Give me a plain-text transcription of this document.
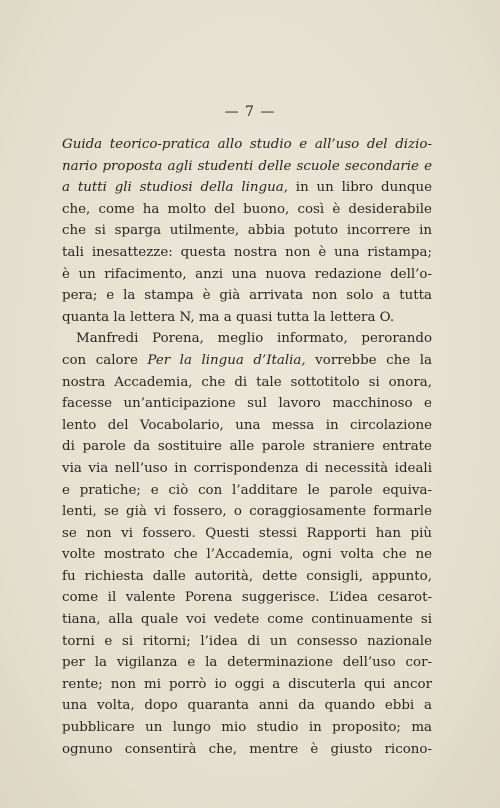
— 7 —
Guida teorico-pratica allo studio e all’uso del dizio-
nario proposta agli studenti delle scuole secondarie e
a tutti gli studiosi della lingua, in un libro dunque
che, come ha molto del buono, così è desiderabile
che si sparga utilmente, abbia potuto incorrere in
tali inesattezze: questa nostra non è una ristampa;
è un rifacimento, anzi una nuova redazione dell’o-
pera; e la stampa è già arrivata non solo a tutta
quanta la lettera N, ma a quasi tutta la lettera O.
Manfredi Porena, meglio informato, perorando
con calore Per la lingua d’Italia, vorrebbe che la
nostra Accademia, che di tale sottotitolo si onora,
facesse un’anticipazione sul lavoro macchinoso e
lento del Vocabolario, una messa in circolazione
di parole da sostituire alle parole straniere entrate
via via nell’uso in corrispondenza di necessità ideali
e pratiche; e ciò con l’additare le parole equiva-
lenti, se già vi fossero, o coraggiosamente formarle
se non vi fossero. Questi stessi Rapporti han più
volte mostrato che l’Accademia, ogni volta che ne
fu richiesta dalle autorità, dette consigli, appunto,
come il valente Porena suggerisce. L’idea cesarot-
tiana, alla quale voi vedete come continuamente si
torni e si ritorni; l’idea di un consesso nazionale
per la vigilanza e la determinazione dell’uso cor-
rente; non mi porrò io oggi a discuterla qui ancor
una volta, dopo quaranta anni da quando ebbi a
pubblicare un lungo mio studio in proposito; ma
ognuno consentirà che, mentre è giusto ricono-
